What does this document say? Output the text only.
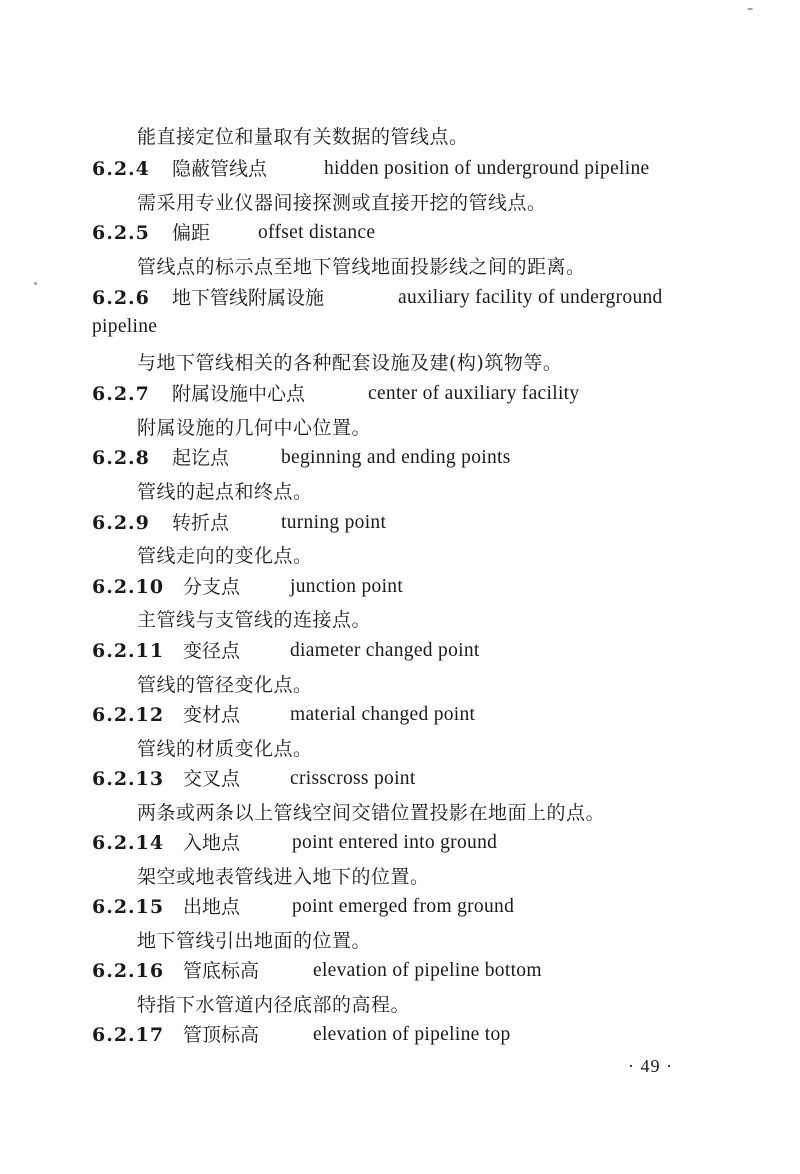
能直接定位和量取有关数据的管线点。
6.2.4 隐蔽管线点	hidden position of underground pipeline
需采用专业仪器间接探测或直接开挖的管线点。
6.2.5 偏距 offset distance
管线点的标示点至地下管线地面投影线之间的距离。
6.2.6 地下管线附属设施	auxiliary facility of underground
pipeline
与地下管线相关的各种配套设施及建(构)筑物等。
6.2.7 附属设施中心点	center of auxiliary facility
附属设施的几何中心位置。
6.2.8 起讫点	beginning and ending points
管线的起点和终点。
6.2.9 转折点	turning point
管线走向的变化点。
6.2.10 分支点	junction point
主管线与支管线的连接点。
6.2.11 变径点	diameter changed point
管线的管径变化点。
6.2.12 变材点	material changed point
管线的材质变化点。
6.2.13 交叉点	crisscross point
两条或两条以上管线空间交错位置投影在地面上的点。
6.2.14 入地点	point entered into ground
架空或地表管线进入地下的位置。
6.2.15 出地点	point emerged from ground
地下管线引出地面的位置。
6.2.16 管底标高	elevation of pipeline bottom
特指下水管道内径底部的高程。
6.2.17 管顶标高	elevation of pipeline top
· 49 ·
